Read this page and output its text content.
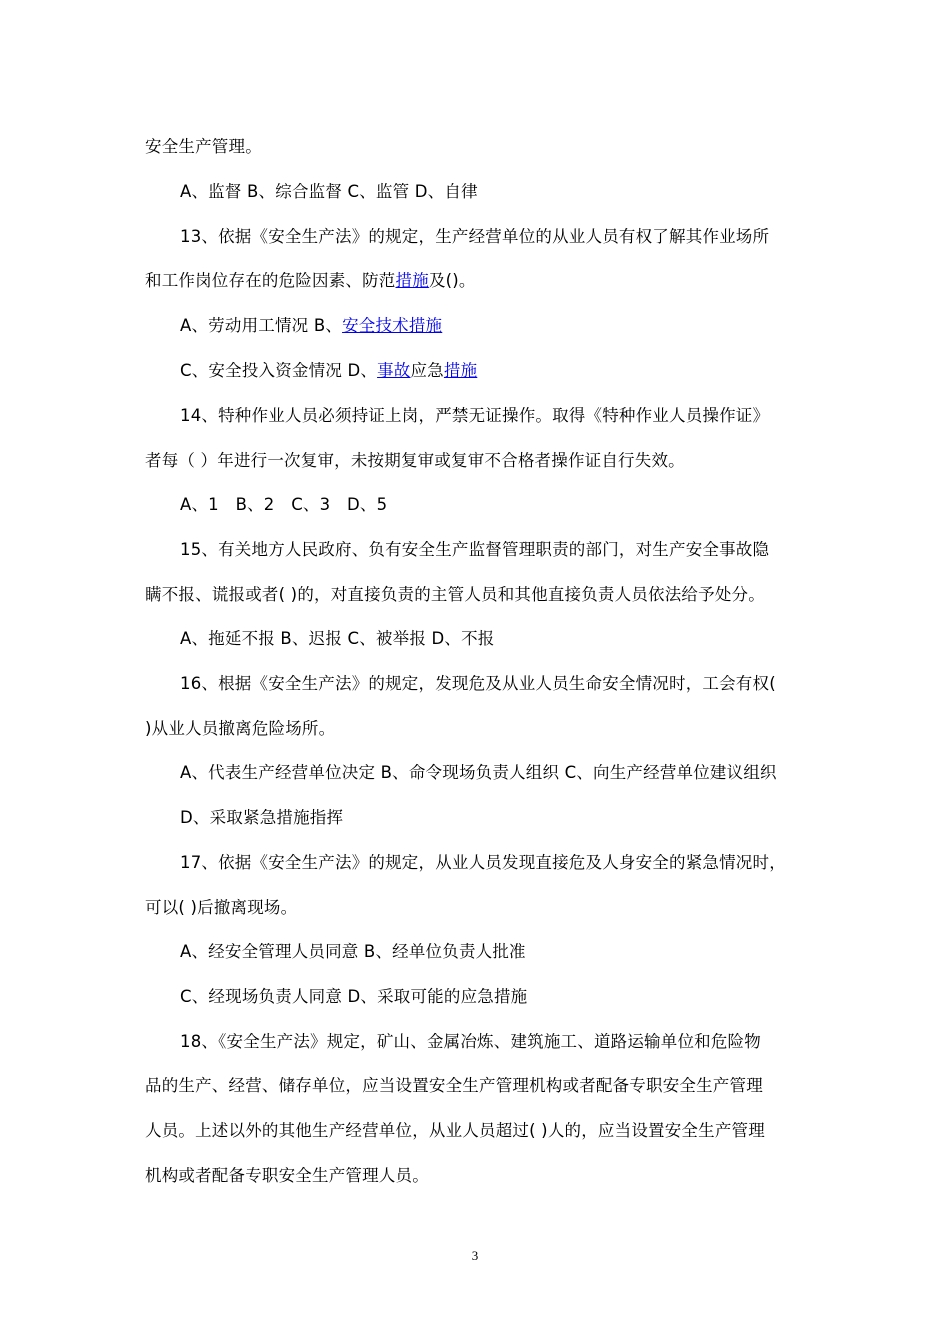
安全生产管理。
A、监督 B、综合监督 C、监管 D、自律
13、依据《安全生产法》的规定，生产经营单位的从业人员有权了解其作业场所
和工作岗位存在的危险因素、防范措施及()。
A、劳动用工情况 B、安全技术措施
C、安全投入资金情况 D、事故应急措施
14、特种作业人员必须持证上岗，严禁无证操作。取得《特种作业人员操作证》
者每（ ）年进行一次复审，未按期复审或复审不合格者操作证自行失效。
A、1　B、2　C、3　D、5
15、有关地方人民政府、负有安全生产监督管理职责的部门，对生产安全事故隐
瞒不报、谎报或者( )的，对直接负责的主管人员和其他直接负责人员依法给予处分。
A、拖延不报 B、迟报 C、被举报 D、不报
16、根据《安全生产法》的规定，发现危及从业人员生命安全情况时，工会有权(
)从业人员撤离危险场所。
A、代表生产经营单位决定 B、命令现场负责人组织 C、向生产经营单位建议组织
D、采取紧急措施指挥
17、依据《安全生产法》的规定，从业人员发现直接危及人身安全的紧急情况时，
可以( )后撤离现场。
A、经安全管理人员同意 B、经单位负责人批准
C、经现场负责人同意 D、采取可能的应急措施
18、《安全生产法》规定，矿山、金属冶炼、建筑施工、道路运输单位和危险物
品的生产、经营、储存单位，应当设置安全生产管理机构或者配备专职安全生产管理
人员。上述以外的其他生产经营单位，从业人员超过( )人的，应当设置安全生产管理
机构或者配备专职安全生产管理人员。
3
